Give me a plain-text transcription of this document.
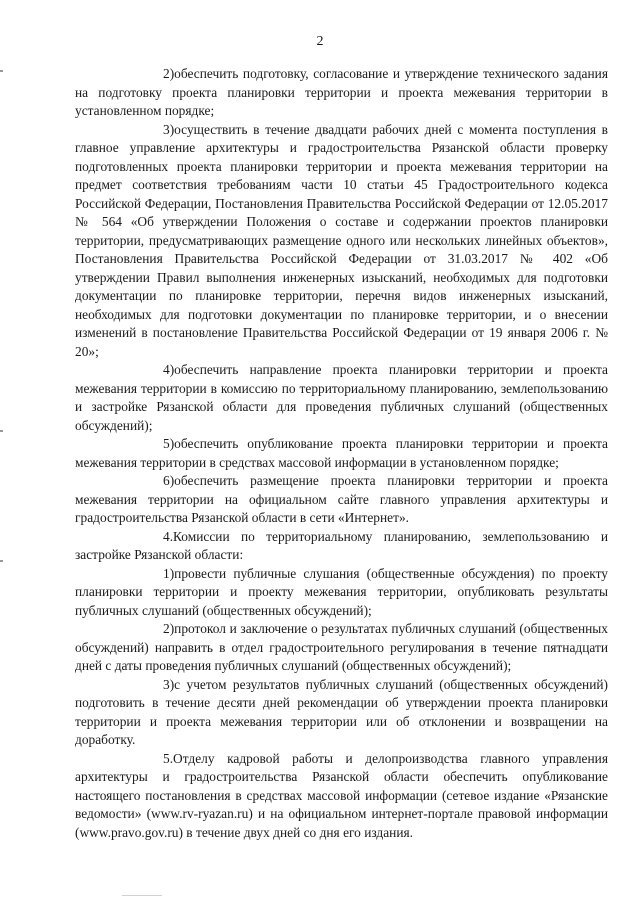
2

2)обеспечить подготовку, согласование и утверждение технического задания на подготовку проекта планировки территории и проекта межевания территории в установленном порядке;

3)осуществить в течение двадцати рабочих дней с момента поступления в главное управление архитектуры и градостроительства Рязанской области проверку подготовленных проекта планировки территории и проекта межевания территории на предмет соответствия требованиям части 10 статьи 45 Градостроительного кодекса Российской Федерации, Постановления Правительства Российской Федерации от 12.05.2017 № 564 «Об утверждении Положения о составе и содержании проектов планировки территории, предусматривающих размещение одного или нескольких линейных объектов», Постановления Правительства Российской Федерации от 31.03.2017 № 402 «Об утверждении Правил выполнения инженерных изысканий, необходимых для подготовки документации по планировке территории, перечня видов инженерных изысканий, необходимых для подготовки документации по планировке территории, и о внесении изменений в постановление Правительства Российской Федерации от 19 января 2006 г. № 20»;

4)обеспечить направление проекта планировки территории и проекта межевания территории в комиссию по территориальному планированию, землепользованию и застройке Рязанской области для проведения публичных слушаний (общественных обсуждений);

5)обеспечить опубликование проекта планировки территории и проекта межевания территории в средствах массовой информации в установленном порядке;

6)обеспечить размещение проекта планировки территории и проекта межевания территории на официальном сайте главного управления архитектуры и градостроительства Рязанской области в сети «Интернет».

4.Комиссии по территориальному планированию, землепользованию и застройке Рязанской области:

1)провести публичные слушания (общественные обсуждения) по проекту планировки территории и проекту межевания территории, опубликовать результаты публичных слушаний (общественных обсуждений);

2)протокол и заключение о результатах публичных слушаний (общественных обсуждений) направить в отдел градостроительного регулирования в течение пятнадцати дней с даты проведения публичных слушаний (общественных обсуждений);

3)с учетом результатов публичных слушаний (общественных обсуждений) подготовить в течение десяти дней рекомендации об утверждении проекта планировки территории и проекта межевания территории или об отклонении и возвращении на доработку.

5.Отделу кадровой работы и делопроизводства главного управления архитектуры и градостроительства Рязанской области обеспечить опубликование настоящего постановления в средствах массовой информации (сетевое издание «Рязанские ведомости» (www.rv-ryazan.ru) и на официальном интернет-портале правовой информации (www.pravo.gov.ru) в течение двух дней со дня его издания.
